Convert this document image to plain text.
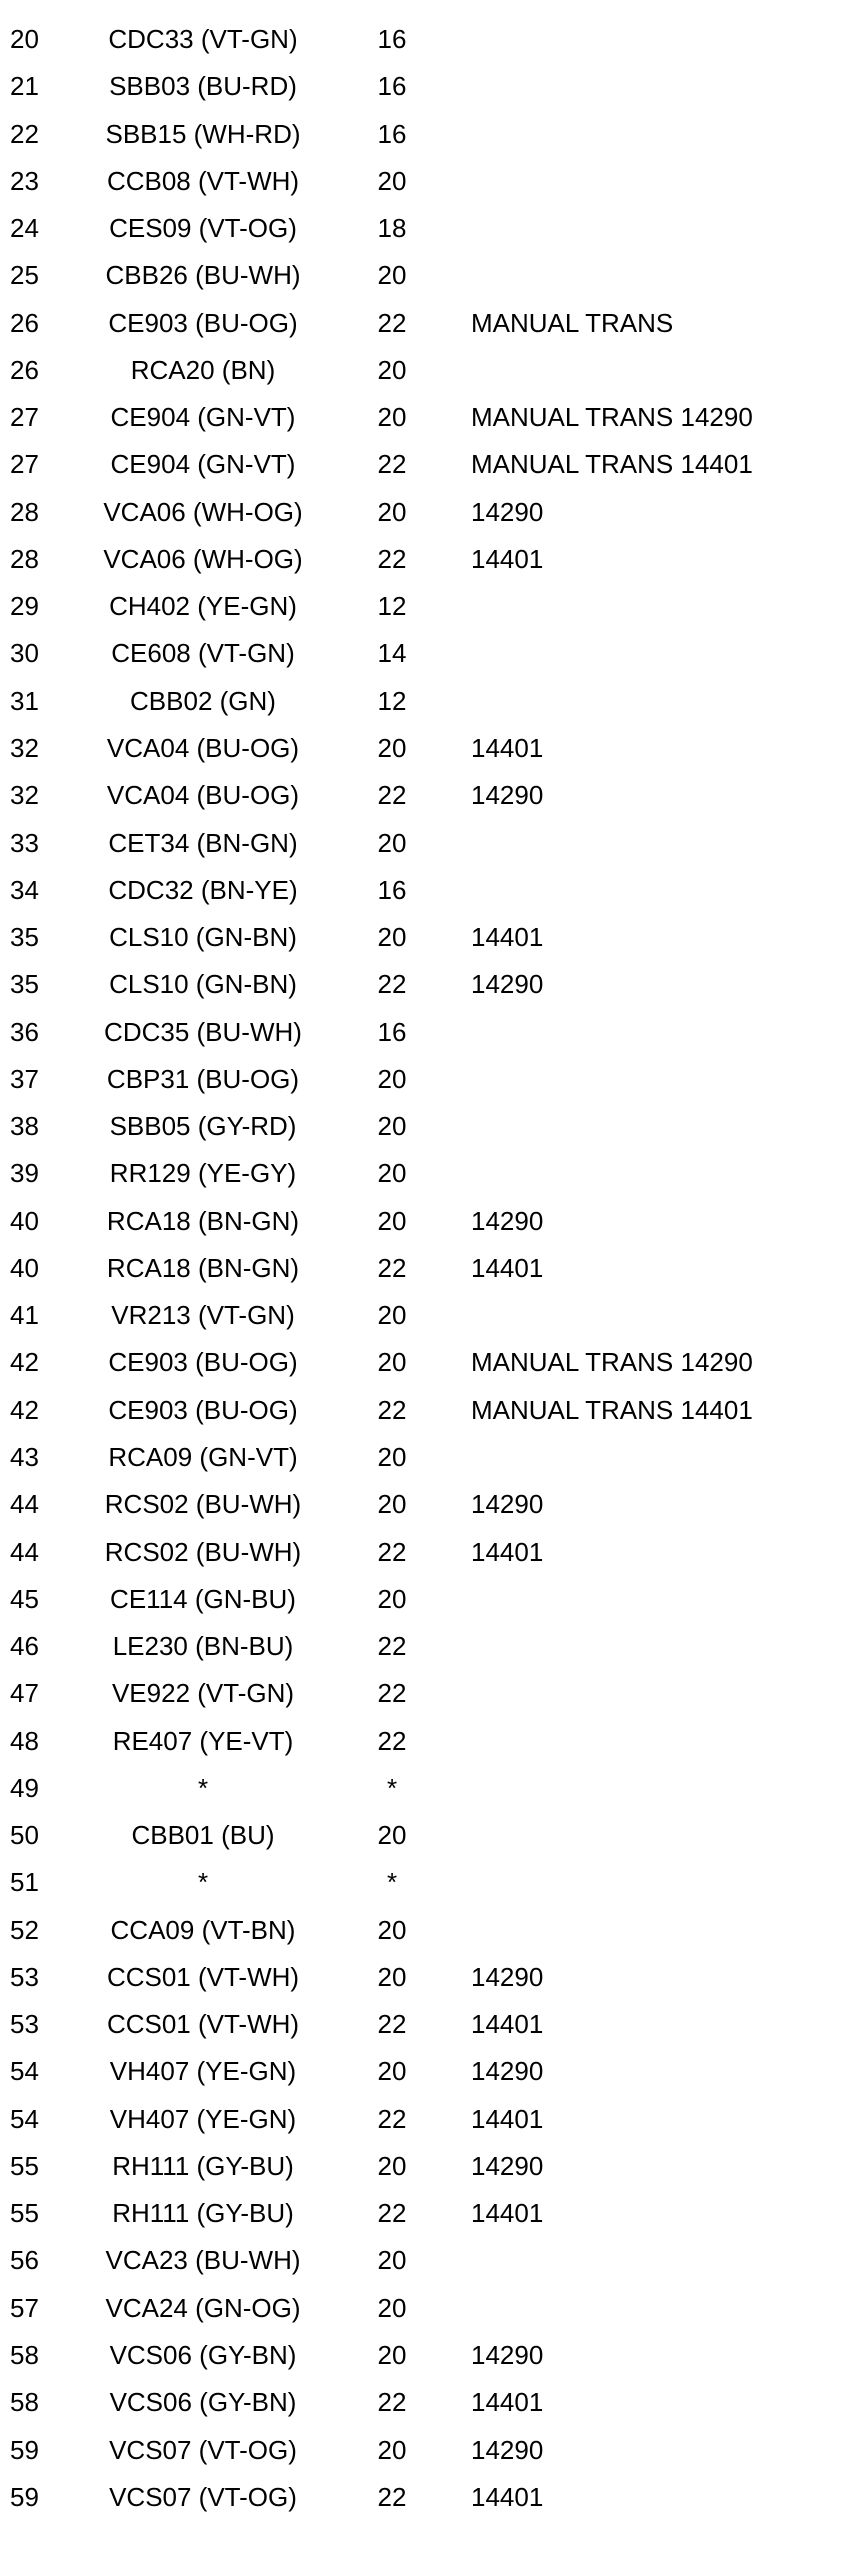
20	CDC33 (VT-GN)	16
21	SBB03 (BU-RD)	16
22	SBB15 (WH-RD)	16
23	CCB08 (VT-WH)	20
24	CES09 (VT-OG)	18
25	CBB26 (BU-WH)	20
26	CE903 (BU-OG)	22	MANUAL TRANS
26	RCA20 (BN)	20
27	CE904 (GN-VT)	20	MANUAL TRANS 14290
27	CE904 (GN-VT)	22	MANUAL TRANS 14401
28	VCA06 (WH-OG)	20	14290
28	VCA06 (WH-OG)	22	14401
29	CH402 (YE-GN)	12
30	CE608 (VT-GN)	14
31	CBB02 (GN)	12
32	VCA04 (BU-OG)	20	14401
32	VCA04 (BU-OG)	22	14290
33	CET34 (BN-GN)	20
34	CDC32 (BN-YE)	16
35	CLS10 (GN-BN)	20	14401
35	CLS10 (GN-BN)	22	14290
36	CDC35 (BU-WH)	16
37	CBP31 (BU-OG)	20
38	SBB05 (GY-RD)	20
39	RR129 (YE-GY)	20
40	RCA18 (BN-GN)	20	14290
40	RCA18 (BN-GN)	22	14401
41	VR213 (VT-GN)	20
42	CE903 (BU-OG)	20	MANUAL TRANS 14290
42	CE903 (BU-OG)	22	MANUAL TRANS 14401
43	RCA09 (GN-VT)	20
44	RCS02 (BU-WH)	20	14290
44	RCS02 (BU-WH)	22	14401
45	CE114 (GN-BU)	20
46	LE230 (BN-BU)	22
47	VE922 (VT-GN)	22
48	RE407 (YE-VT)	22
49	*	*
50	CBB01 (BU)	20
51	*	*
52	CCA09 (VT-BN)	20
53	CCS01 (VT-WH)	20	14290
53	CCS01 (VT-WH)	22	14401
54	VH407 (YE-GN)	20	14290
54	VH407 (YE-GN)	22	14401
55	RH111 (GY-BU)	20	14290
55	RH111 (GY-BU)	22	14401
56	VCA23 (BU-WH)	20
57	VCA24 (GN-OG)	20
58	VCS06 (GY-BN)	20	14290
58	VCS06 (GY-BN)	22	14401
59	VCS07 (VT-OG)	20	14290
59	VCS07 (VT-OG)	22	14401
